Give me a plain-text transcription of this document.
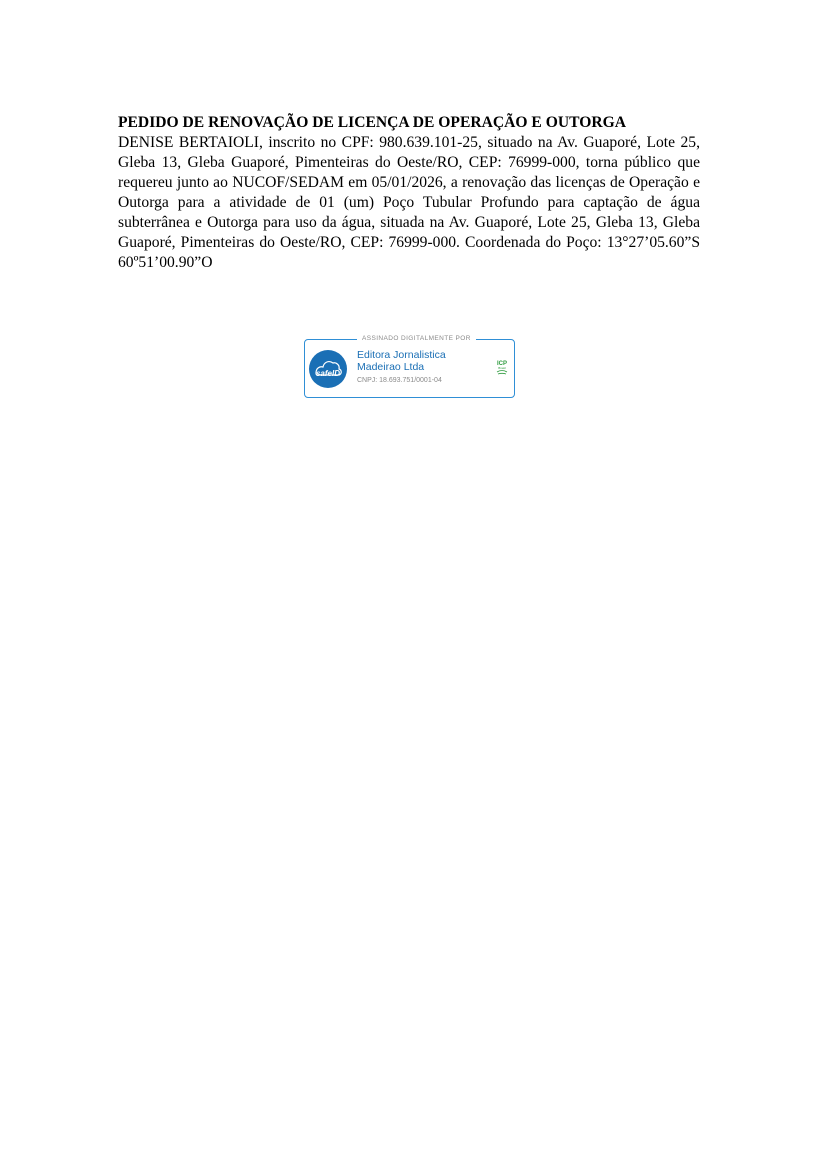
PEDIDO DE RENOVAÇÃO DE LICENÇA DE OPERAÇÃO E OUTORGA

DENISE BERTAIOLI, inscrito no CPF: 980.639.101-25, situado na Av. Guaporé, Lote 25, Gleba 13, Gleba Guaporé, Pimenteiras do Oeste/RO, CEP: 76999-000, torna público que requereu junto ao NUCOF/SEDAM em 05/01/2026, a renovação das licenças de Operação e Outorga para a atividade de 01 (um) Poço Tubular Profundo para captação de água subterrânea e Outorga para uso da água, situada na Av. Guaporé, Lote 25, Gleba 13, Gleba Guaporé, Pimenteiras do Oeste/RO, CEP: 76999-000. Coordenada do Poço: 13°27’05.60”S 60º51’00.90”O

ASSINADO DIGITALMENTE POR
safeID
Editora Jornalistica
Madeirao Ltda
CNPJ: 18.693.751/0001-04
ICP
Brasil
